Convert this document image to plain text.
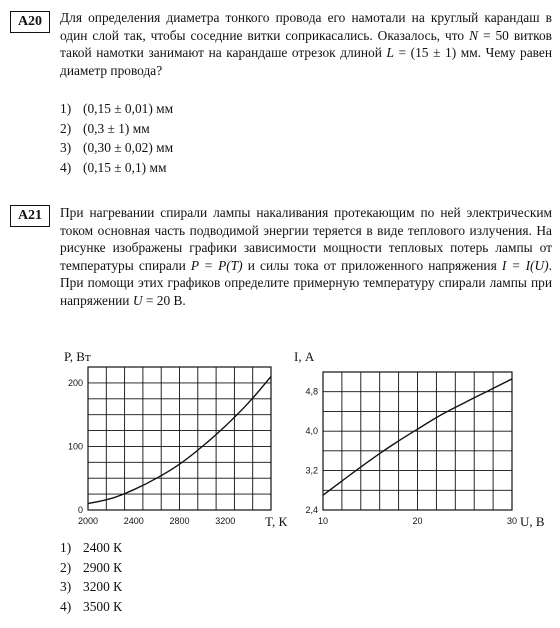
A20	Для определения диаметра тонкого провода его намотали на круглый карандаш в один слой так, чтобы соседние витки соприкасались. Оказалось, что N = 50 витков такой намотки занимают на карандаше отрезок длиной L = (15 ± 1) мм. Чему равен диаметр провода?

1) (0,15 ± 0,01) мм
2) (0,3 ± 1) мм
3) (0,30 ± 0,02) мм
4) (0,15 ± 0,1) мм
A21	При нагревании спирали лампы накаливания протекающим по ней электрическим током основная часть подводимой энергии теряется в виде теплового излучения. На рисунке изображены графики зависимости мощности тепловых потерь лампы от температуры спирали P = P(T) и силы тока от приложенного напряжения I = I(U). При помощи этих графиков определите примерную температуру спирали лампы при напряжении U = 20 В.

P, Вт
0
100
200
2000	2400	2800	3200 T, К
I, А
2,4
3,2
4,0
4,8
10	20	30 U, В
1) 2400 К
2) 2900 К
3) 3200 К
4) 3500 К
